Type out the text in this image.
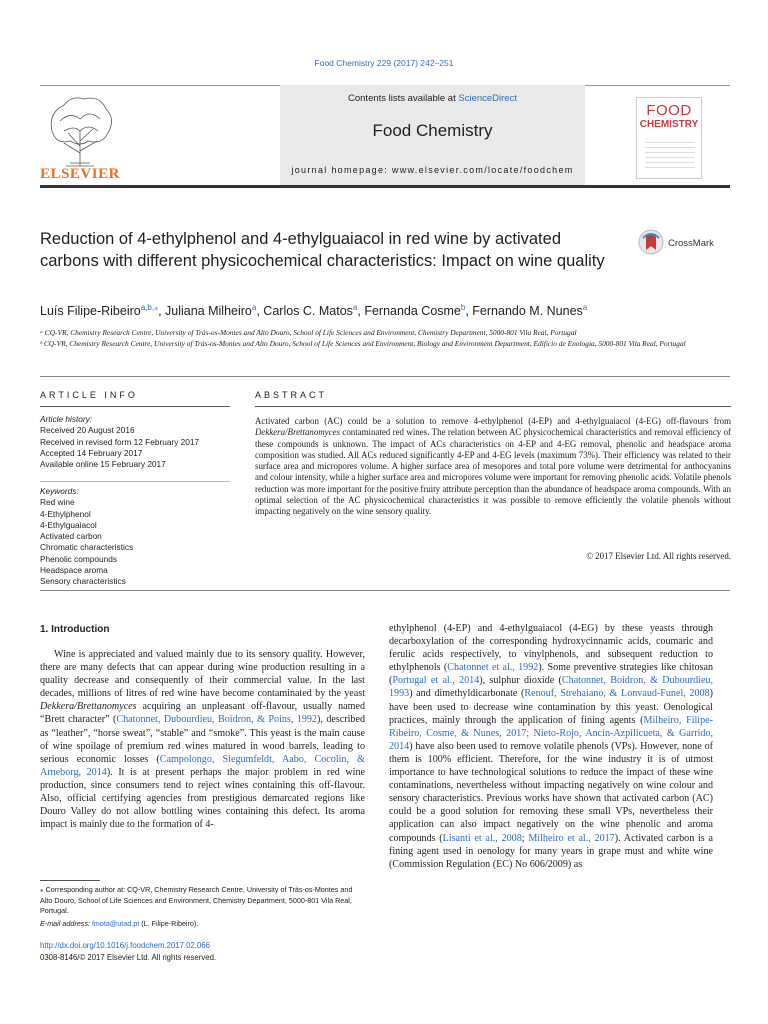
Food Chemistry 229 (2017) 242–251
ELSEVIER
Contents lists available at ScienceDirect
Food Chemistry
journal homepage: www.elsevier.com/locate/foodchem
FOOD
CHEMISTRY
Reduction of 4-ethylphenol and 4-ethylguaiacol in red wine by activated carbons with different physicochemical characteristics: Impact on wine quality
CrossMark
Luís Filipe-Ribeiro$^{a,b,⁎}$, Juliana Milheiro$^a$, Carlos C. Matos$^a$, Fernanda Cosme$^b$, Fernando M. Nunes$^a$
ᵃ CQ-VR, Chemistry Research Centre, University of Trás-os-Montes and Alto Douro, School of Life Sciences and Environment, Chemistry Department, 5000-801 Vila Real, Portugal
ᵇ CQ-VR, Chemistry Research Centre, University of Trás-os-Montes and Alto Douro, School of Life Sciences and Environment, Biology and Environment Department, Edifício de Enologia, 5000-801 Vila Real, Portugal
ARTICLE INFO	ABSTRACT
Article history:
Received 20 August 2016
Received in revised form 12 February 2017
Accepted 14 February 2017
Available online 15 February 2017
Keywords:
Red wine
4-Ethylphenol
4-Ethylguaiacol
Activated carbon
Chromatic characteristics
Phenolic compounds
Headspace aroma
Sensory characteristics
Activated carbon (AC) could be a solution to remove 4-ethylphenol (4-EP) and 4-ethylguaiacol (4-EG) off-flavours from Dekkera/Brettanomyces contaminated red wines. The relation between AC physicochemical characteristics and removal efficiency of these compounds is unknown. The impact of ACs characteristics on 4-EP and 4-EG removal, phenolic and headspace aroma composition was studied. All ACs reduced significantly 4-EP and 4-EG levels (maximum 73%). Their efficiency was related to their surface area and micropores volume. A higher surface area of mesopores and total pore volume were detrimental for anthocyanins and colour intensity, while a higher surface area and micropores volume were important for removing phenolic acids. Volatile phenols reduction was more important for the positive fruity attribute perception than the abundance of headspace aroma compounds. With an optimal selection of the AC physicochemical characteristics it was possible to remove efficiently the volatile phenols without impacting negatively on the wine sensory quality.
© 2017 Elsevier Ltd. All rights reserved.
1. Introduction
Wine is appreciated and valued mainly due to its sensory quality. However, there are many defects that can appear during wine production resulting in a quality decrease and consequently of their commercial value. In the last decades, millions of litres of red wine have become contaminated by the yeast Dekkera/Brettanomyces acquiring an unpleasant off-flavour, usually named “Brett character” (Chatonnet, Dubourdieu, Boidron, & Poins, 1992), described as “leather”, “horse sweat”, “stable” and “smoke”. This yeast is the main cause of wine spoilage of premium red wines matured in wood barrels, leading to serious economic losses (Campolongo, Siegumfeldt, Aabo, Cocolin, & Arneborg, 2014). It is at present perhaps the major problem in red wine production, since consumers tend to reject wines containing this off-flavour. Also, official certifying agencies from prestigious demarcated regions like Douro Valley do not allow bottling wines containing this defect. Its aroma impact is mainly due to the formation of 4-
ethylphenol (4-EP) and 4-ethylguaiacol (4-EG) by these yeasts through decarboxylation of the corresponding hydroxycinnamic acids, coumaric and ferulic acids respectively, to vinylphenols, and subsequent reduction to ethylphenols (Chatonnet et al., 1992). Some preventive strategies like chitosan (Portugal et al., 2014), sulphur dioxide (Chatonnet, Boidron, & Dubourdieu, 1993) and dimethyldicarbonate (Renouf, Strehaiano, & Lonvaud-Funel, 2008) have been used to decrease wine contamination by this yeast. Oenological practices, mainly through the application of fining agents (Milheiro, Filipe-Ribeiro, Cosme, & Nunes, 2017; Nieto-Rojo, Ancín-Azpilicueta, & Garrido, 2014) have also been used to remove volatile phenols (VPs). However, none of them is 100% efficient. Therefore, for the wine industry it is of utmost importance to have technological solutions to reduce the impact of these wine contaminations, nevertheless without impacting negatively on wine colour and sensory characteristics. Previous works have shown that activated carbon (AC) could be a good solution for removing these small VPs, nevertheless their application can also impact negatively on the wine phenolic and aroma compounds (Lisanti et al., 2008; Milheiro et al., 2017). Activated carbon is a fining agent used in oenology for many years in grape must and white wine (Commission Regulation (EC) No 606/2009) as
⁎ Corresponding author at: CQ-VR, Chemistry Research Centre, University of Trás-os-Montes and Alto Douro, School of Life Sciences and Environment, Chemistry Department, 5000-801 Vila Real, Portugal.
E-mail address: fmota@utad.pt (L. Filipe-Ribeiro).
http://dx.doi.org/10.1016/j.foodchem.2017.02.066
0308-8146/© 2017 Elsevier Ltd. All rights reserved.
